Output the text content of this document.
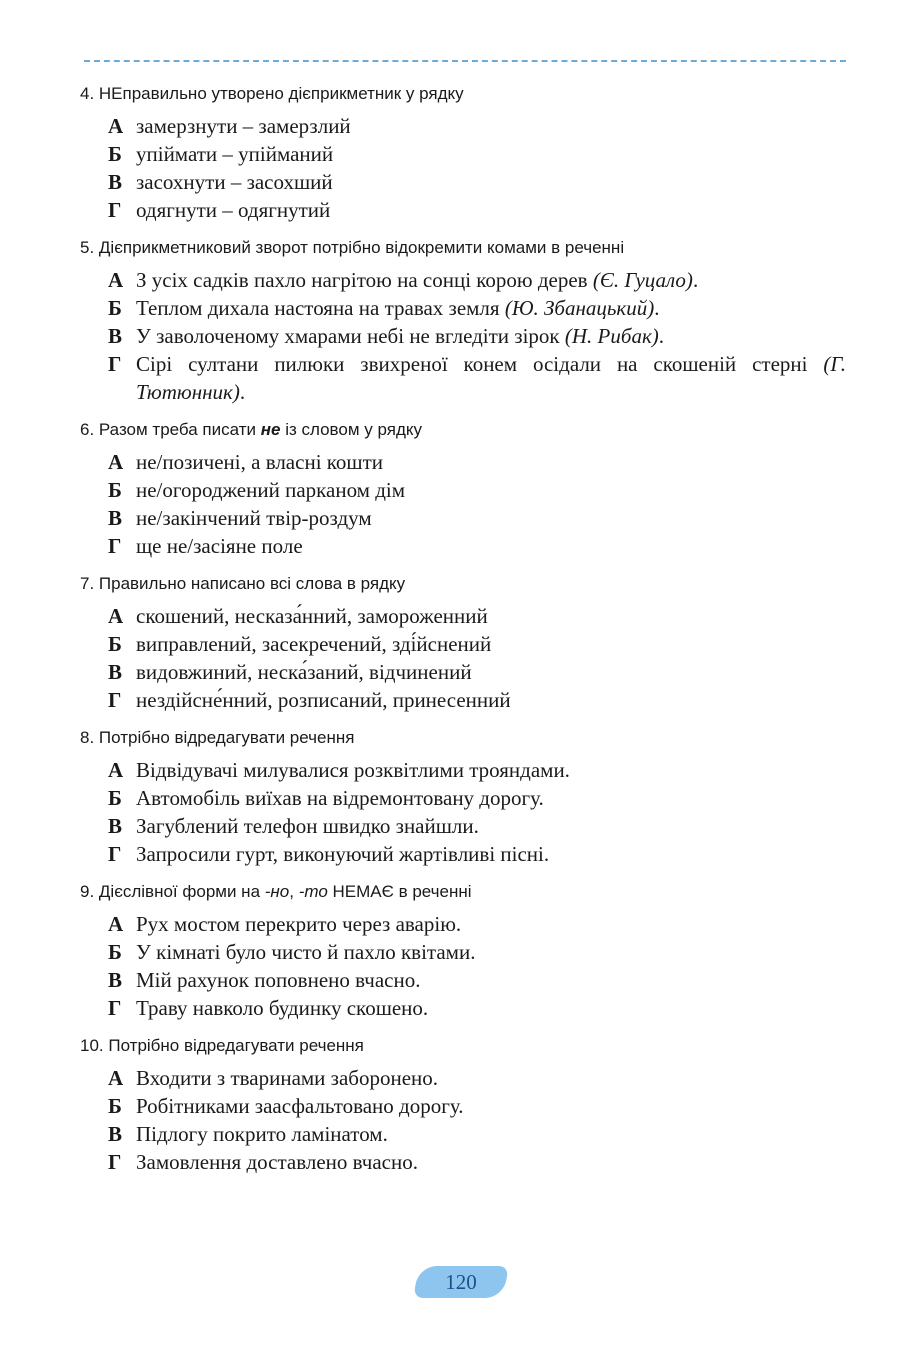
4. НЕправильно утворено дієприкметник у рядку
А замерзнути – замерзлий
Б упіймати – упійманий
В засохнути – засохший
Г одягнути – одягнутий
5. Дієприкметниковий зворот потрібно відокремити комами в реченні
А З усіх садків пахло нагрітою на сонці корою дерев (Є. Гуцало).
Б Теплом дихала настояна на травах земля (Ю. Збанацький).
В У заволоченому хмарами небі не вгледіти зірок (Н. Рибак).
Г Сірі султани пилюки звихреної конем осідали на скошеній стерні (Г. Тютюнник).
6. Разом треба писати не із словом у рядку
А не/позичені, а власні кошти
Б не/огороджений парканом дім
В не/закінчений твір-роздум
Г ще не/засіяне поле
7. Правильно написано всі слова в рядку
А скошений, несказа́нний, замороженний
Б виправлений, засекречений, зді́йснений
В видовжиний, неска́заний, відчинений
Г нездійсне́нний, розписаний, принесенний
8. Потрібно відредагувати речення
А Відвідувачі милувалися розквітлими трояндами.
Б Автомобіль виїхав на відремонтовану дорогу.
В Загублений телефон швидко знайшли.
Г Запросили гурт, виконуючий жартівливі пісні.
9. Дієслівної форми на -но, -то НЕМАЄ в реченні
А Рух мостом перекрито через аварію.
Б У кімнаті було чисто й пахло квітами.
В Мій рахунок поповнено вчасно.
Г Траву навколо будинку скошено.
10. Потрібно відредагувати речення
А Входити з тваринами заборонено.
Б Робітниками заасфальтовано дорогу.
В Підлогу покрито ламінатом.
Г Замовлення доставлено вчасно.
120
